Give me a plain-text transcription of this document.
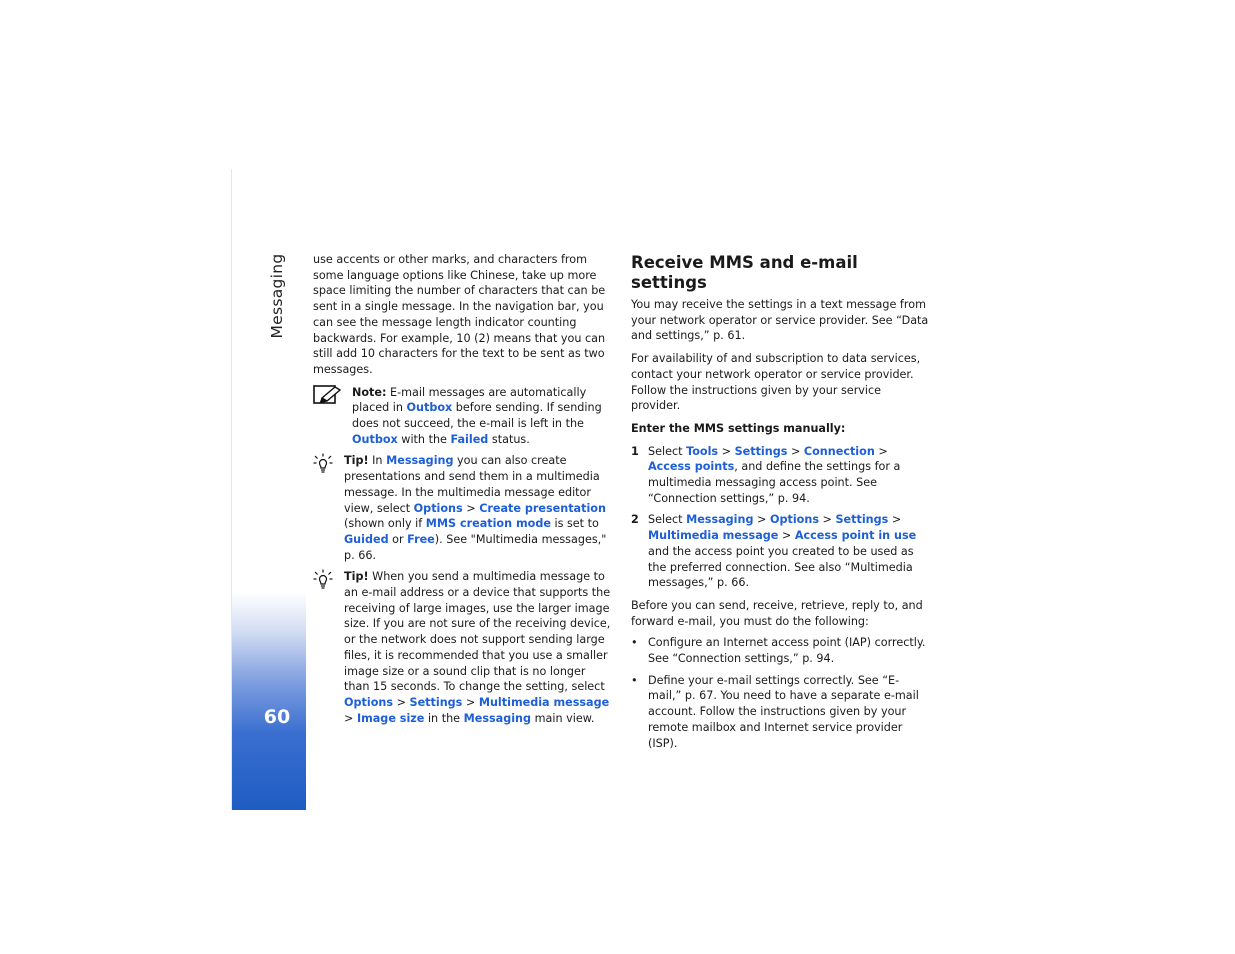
Messaging
60

use accents or other marks, and characters from some language options like Chinese, take up more space limiting the number of characters that can be sent in a single message. In the navigation bar, you can see the message length indicator counting backwards. For example, 10 (2) means that you can still add 10 characters for the text to be sent as two messages.

Note: E-mail messages are automatically placed in Outbox before sending. If sending does not succeed, the e-mail is left in the Outbox with the Failed status.
Tip! In Messaging you can also create presentations and send them in a multimedia message. In the multimedia message editor view, select Options > Create presentation (shown only if MMS creation mode is set to Guided or Free). See "Multimedia messages," p. 66.
Tip! When you send a multimedia message to an e-mail address or a device that supports the receiving of large images, use the larger image size. If you are not sure of the receiving device, or the network does not support sending large files, it is recommended that you use a smaller image size or a sound clip that is no longer than 15 seconds. To change the setting, select Options > Settings > Multimedia message > Image size in the Messaging main view.
Receive MMS and e-mail settings

You may receive the settings in a text message from your network operator or service provider. See “Data and settings,” p. 61.

For availability of and subscription to data services, contact your network operator or service provider. Follow the instructions given by your service provider.

Enter the MMS settings manually:

1 Select Tools > Settings > Connection > Access points, and define the settings for a multimedia messaging access point. See “Connection settings,” p. 94.
2 Select Messaging > Options > Settings > Multimedia message > Access point in use and the access point you created to be used as the preferred connection. See also “Multimedia messages,” p. 66.

Before you can send, receive, retrieve, reply to, and forward e-mail, you must do the following:

• Configure an Internet access point (IAP) correctly. See “Connection settings,” p. 94.
• Define your e-mail settings correctly. See “E-mail,” p. 67. You need to have a separate e-mail account. Follow the instructions given by your remote mailbox and Internet service provider (ISP).
